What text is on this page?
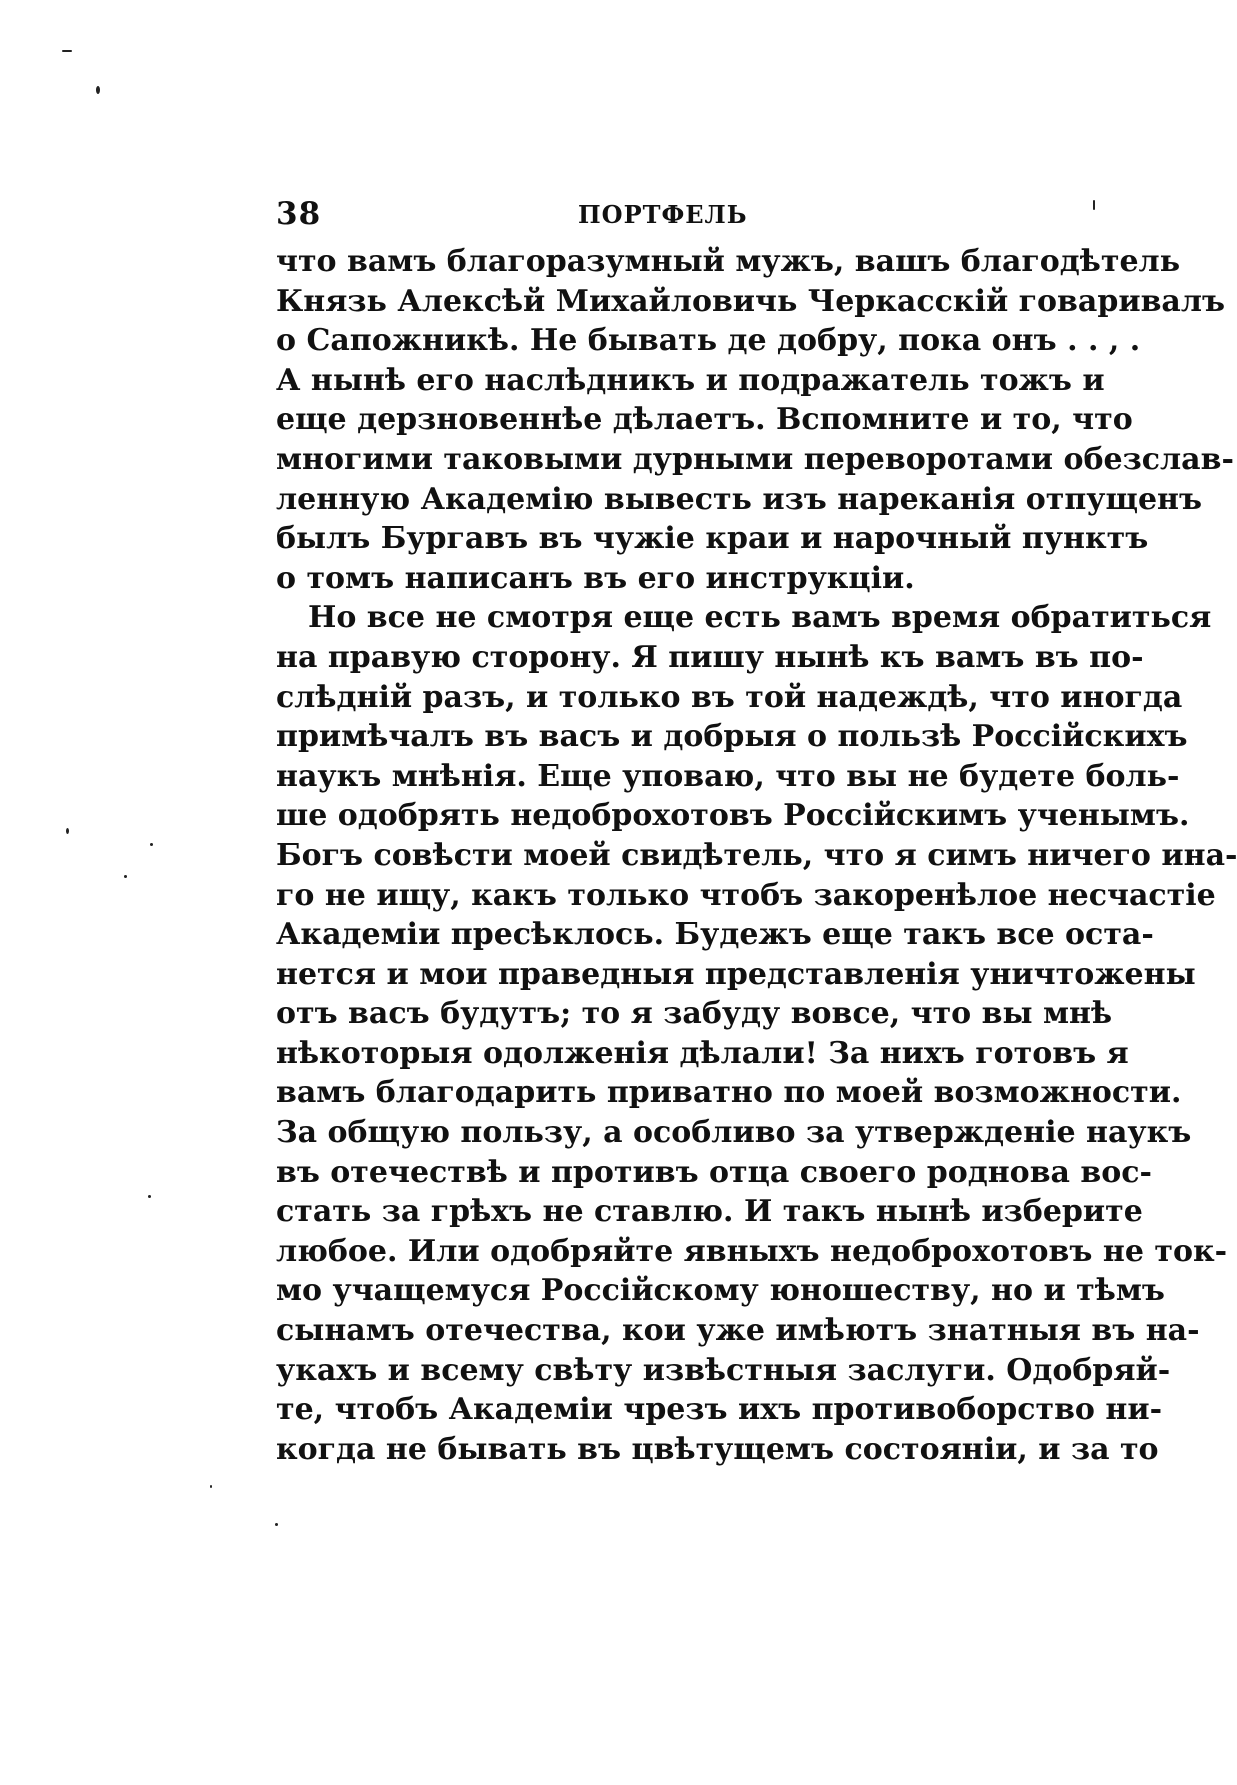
38	ПОРТФЕЛЬ
что вамъ благоразумный мужъ, вашъ благодѣтель
Князь Алексѣй Михайловичь Черкасскій говаривалъ
о Сапожникѣ. Не бывать де добру, пока онъ . . , .
А нынѣ его наслѣдникъ и подражатель тожъ и
еще дерзновеннѣе дѣлаетъ. Вспомните и то, что
многими таковыми дурными переворотами обезслав-
ленную Академію вывесть изъ нареканія отпущенъ
былъ Бургавъ въ чужіе краи и нарочный пунктъ
о томъ написанъ въ его инструкціи.
Но все не смотря еще есть вамъ время обратиться
на правую сторону. Я пишу нынѣ къ вамъ въ по-
слѣдній разъ, и только въ той надеждѣ, что иногда
примѣчалъ въ васъ и добрыя о пользѣ Россійскихъ
наукъ мнѣнія. Еще уповаю, что вы не будете боль-
ше одобрять недоброхотовъ Россійскимъ ученымъ.
Богъ совѣсти моей свидѣтель, что я симъ ничего ина-
го не ищу, какъ только чтобъ закоренѣлое несчастіе
Академіи пресѣклось. Будежъ еще такъ все оста-
нется и мои праведныя представленія уничтожены
отъ васъ будутъ; то я забуду вовсе, что вы мнѣ
нѣкоторыя одолженія дѣлали! За нихъ готовъ я
вамъ благодарить приватно по моей возможности.
За общую пользу, а особливо за утвержденіе наукъ
въ отечествѣ и противъ отца своего роднова вос-
стать за грѣхъ не ставлю. И такъ нынѣ изберите
любое. Или одобряйте явныхъ недоброхотовъ не ток-
мо учащемуся Россійскому юношеству, но и тѣмъ
сынамъ отечества, кои уже имѣютъ знатныя въ на-
укахъ и всему свѣту извѣстныя заслуги. Одобряй-
те, чтобъ Академіи чрезъ ихъ противоборство ни-
когда не бывать въ цвѣтущемъ состояніи, и за то
